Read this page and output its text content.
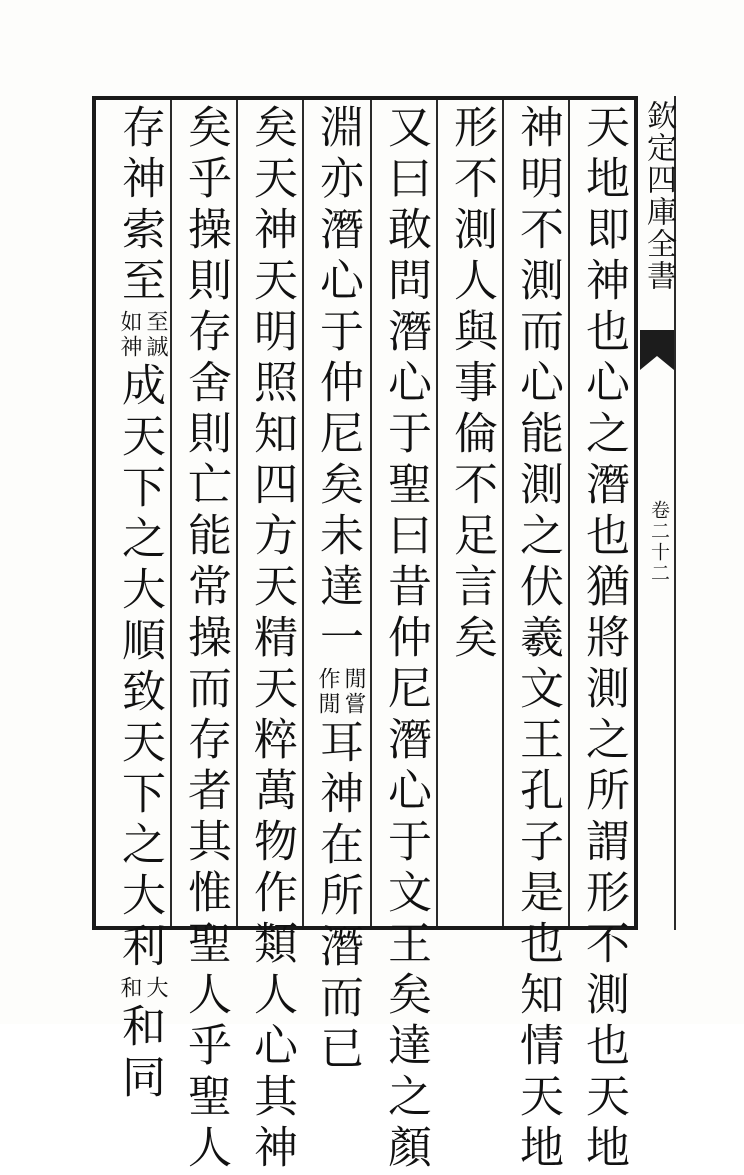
欽定四庫全書
卷二十二
天地即神也心之潛也猶將測之所謂形不測也天地
神明不測而心能測之伏羲文王孔子是也知情天地
形不測人與事倫不足言矣
又曰敢問潛心于聖曰昔仲尼潛心于文王矣達之顏
淵亦潛心于仲尼矣未達一
閒嘗
作閒
耳神在所潛而已
矣天神天明照知四方天精天粹萬物作類人心其神
矣乎操則存舍則亡能常操而存者其惟聖人乎聖人
存神索至
至誠
如神
成天下之大順致天下之大利
大
和
和同
